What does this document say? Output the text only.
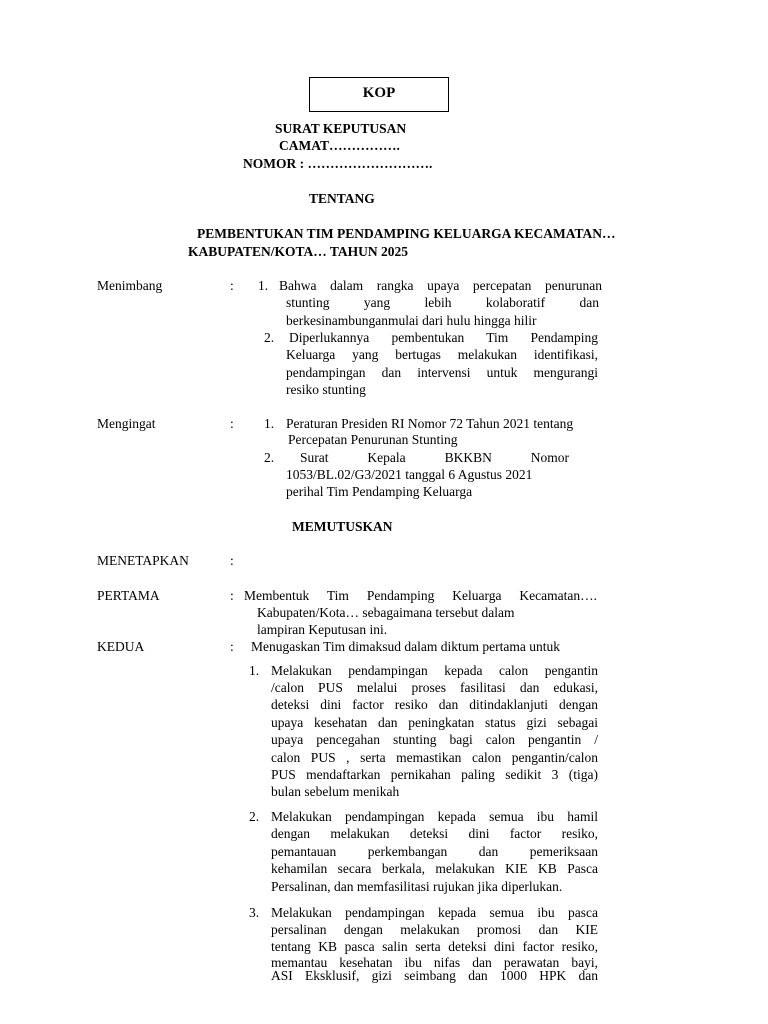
KOP
SURAT KEPUTUSAN
CAMAT…………….
NOMOR : ……………………….
TENTANG
PEMBENTUKAN TIM PENDAMPING KELUARGA KECAMATAN…
KABUPATEN/KOTA… TAHUN 2025
Menimbang	: 1. Bahwa dalam rangka upaya percepatan penurunan
stunting yang lebih kolaboratif dan
berkesinambunganmulai dari hulu hingga hilir
2. Diperlukannya pembentukan Tim Pendamping
Keluarga yang bertugas melakukan identifikasi,
pendampingan dan intervensi untuk mengurangi
resiko stunting
Mengingat	: 1. Peraturan Presiden RI Nomor 72 Tahun 2021 tentang
Percepatan Penurunan Stunting
2. Surat Kepala BKKBN Nomor
1053/BL.02/G3/2021 tanggal 6 Agustus 2021
perihal Tim Pendamping Keluarga
MEMUTUSKAN
MENETAPKAN	:
PERTAMA	: Membentuk Tim Pendamping Keluarga Kecamatan….
Kabupaten/Kota… sebagaimana tersebut dalam
lampiran Keputusan ini.
KEDUA	: Menugaskan Tim dimaksud dalam diktum pertama untuk
1. Melakukan pendampingan kepada calon pengantin
/calon PUS melalui proses fasilitasi dan edukasi,
deteksi dini factor resiko dan ditindaklanjuti dengan
upaya kesehatan dan peningkatan status gizi sebagai
upaya pencegahan stunting bagi calon pengantin /
calon PUS , serta memastikan calon pengantin/calon
PUS mendaftarkan pernikahan paling sedikit 3 (tiga)
bulan sebelum menikah
2. Melakukan pendampingan kepada semua ibu hamil
dengan melakukan deteksi dini factor resiko,
pemantauan perkembangan dan pemeriksaan
kehamilan secara berkala, melakukan KIE KB Pasca
Persalinan, dan memfasilitasi rujukan jika diperlukan.
3. Melakukan pendampingan kepada semua ibu pasca
persalinan dengan melakukan promosi dan KIE
tentang KB pasca salin serta deteksi dini factor resiko,
memantau kesehatan ibu nifas dan perawatan bayi,
ASI Eksklusif, gizi seimbang dan 1000 HPK dan
